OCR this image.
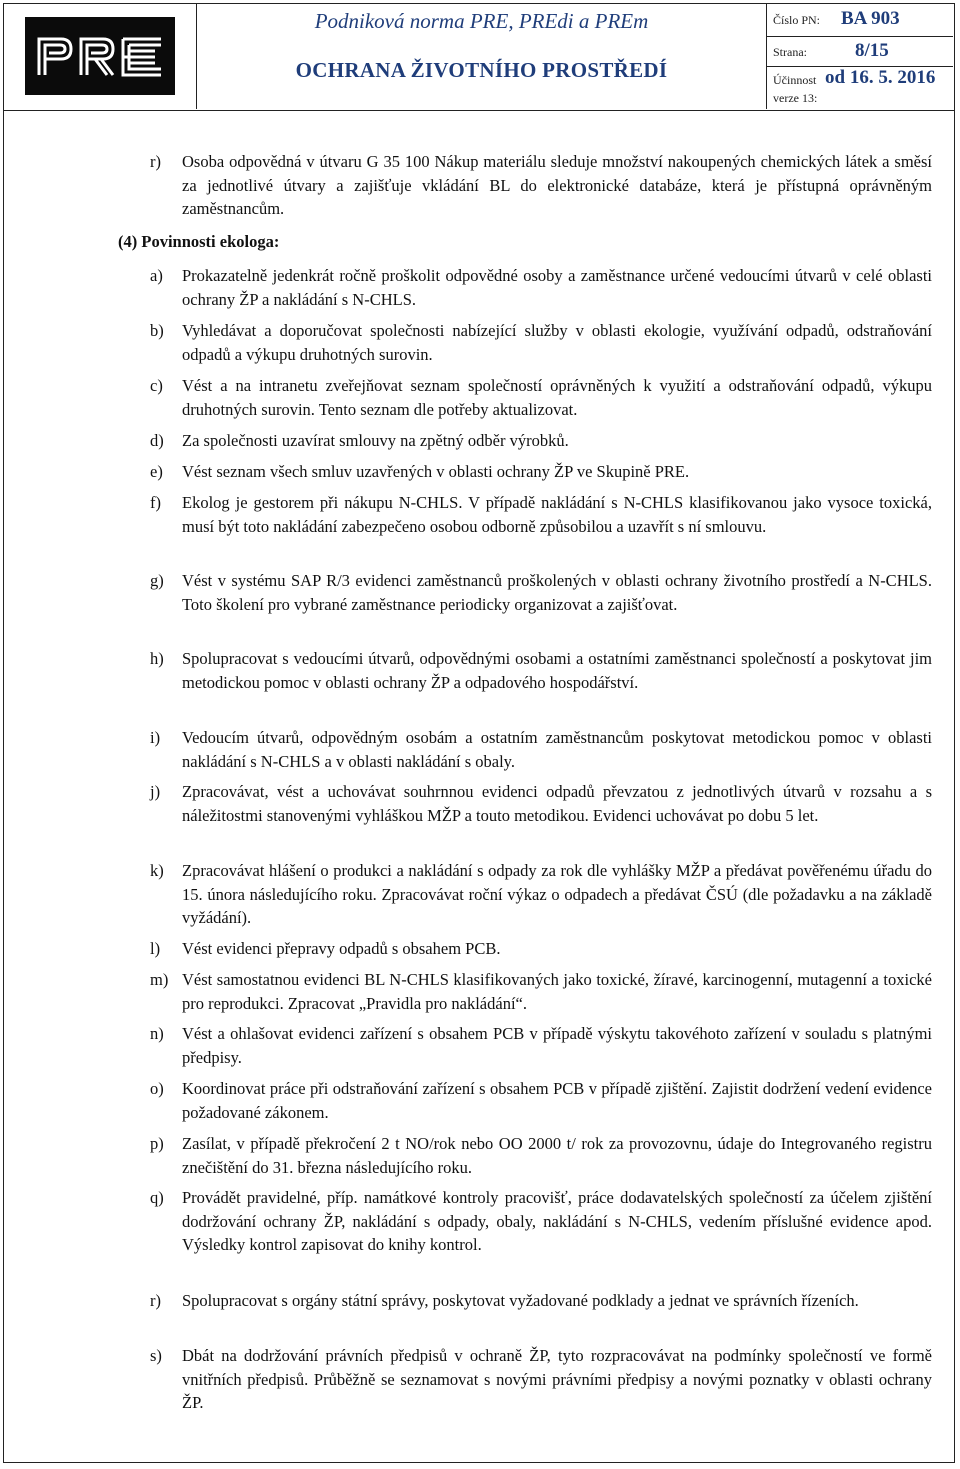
Podniková norma PRE, PREdi a PREm
OCHRANA ŽIVOTNÍHO PROSTŘEDÍ
Číslo PN: BA 903
Strana:	8/15
Účinnost
verze 13:
od 16. 5. 2016
r) Osoba odpovědná v útvaru G 35 100 Nákup materiálu sleduje množství nakoupených chemických látek a směsí za jednotlivé útvary a zajišťuje vkládání BL do elektronické databáze, která je přístupná oprávněným zaměstnancům.
(4) Povinnosti ekologa:
a) Prokazatelně jedenkrát ročně proškolit odpovědné osoby a zaměstnance určené vedoucími útvarů v celé oblasti ochrany ŽP a nakládání s N-CHLS.
b) Vyhledávat a doporučovat společnosti nabízející služby v oblasti ekologie, využívání odpadů, odstraňování odpadů a výkupu druhotných surovin.
c) Vést a na intranetu zveřejňovat seznam společností oprávněných k využití a odstraňování odpadů, výkupu druhotných surovin. Tento seznam dle potřeby aktualizovat.
d) Za společnosti uzavírat smlouvy na zpětný odběr výrobků.
e) Vést seznam všech smluv uzavřených v oblasti ochrany ŽP ve Skupině PRE.
f) Ekolog je gestorem při nákupu N-CHLS. V případě nakládání s N-CHLS klasifikovanou jako vysoce toxická, musí být toto nakládání zabezpečeno osobou odborně způsobilou a uzavřít s ní smlouvu.
g) Vést v systému SAP R/3 evidenci zaměstnanců proškolených v oblasti ochrany životního prostředí a N-CHLS. Toto školení pro vybrané zaměstnance periodicky organizovat a zajišťovat.
h) Spolupracovat s vedoucími útvarů, odpovědnými osobami a ostatními zaměstnanci společností a poskytovat jim metodickou pomoc v oblasti ochrany ŽP a odpadového hospodářství.
i) Vedoucím útvarů, odpovědným osobám a ostatním zaměstnancům poskytovat metodickou pomoc v oblasti nakládání s N-CHLS a v oblasti nakládání s obaly.
j) Zpracovávat, vést a uchovávat souhrnnou evidenci odpadů převzatou z jednotlivých útvarů v rozsahu a s náležitostmi stanovenými vyhláškou MŽP a touto metodikou. Evidenci uchovávat po dobu 5 let.
k) Zpracovávat hlášení o produkci a nakládání s odpady za rok dle vyhlášky MŽP a předávat pověřenému úřadu do 15. února následujícího roku. Zpracovávat roční výkaz o odpadech a předávat ČSÚ (dle požadavku a na základě vyžádání).
l) Vést evidenci přepravy odpadů s obsahem PCB.
m) Vést samostatnou evidenci BL N-CHLS klasifikovaných jako toxické, žíravé, karcinogenní, mutagenní a toxické pro reprodukci. Zpracovat „Pravidla pro nakládání“.
n) Vést a ohlašovat evidenci zařízení s obsahem PCB v případě výskytu takovéhoto zařízení v souladu s platnými předpisy.
o) Koordinovat práce při odstraňování zařízení s obsahem PCB v případě zjištění. Zajistit dodržení vedení evidence požadované zákonem.
p) Zasílat, v případě překročení 2 t NO/rok nebo OO 2000 t/ rok za provozovnu, údaje do Integrovaného registru znečištění do 31. března následujícího roku.
q) Provádět pravidelné, příp. namátkové kontroly pracovišť, práce dodavatelských společností za účelem zjištění dodržování ochrany ŽP, nakládání s odpady, obaly, nakládání s N-CHLS, vedením příslušné evidence apod. Výsledky kontrol zapisovat do knihy kontrol.
r) Spolupracovat s orgány státní správy, poskytovat vyžadované podklady a jednat ve správních řízeních.
s) Dbát na dodržování právních předpisů v ochraně ŽP, tyto rozpracovávat na podmínky společností ve formě vnitřních předpisů. Průběžně se seznamovat s novými právními předpisy a novými poznatky v oblasti ochrany ŽP.
